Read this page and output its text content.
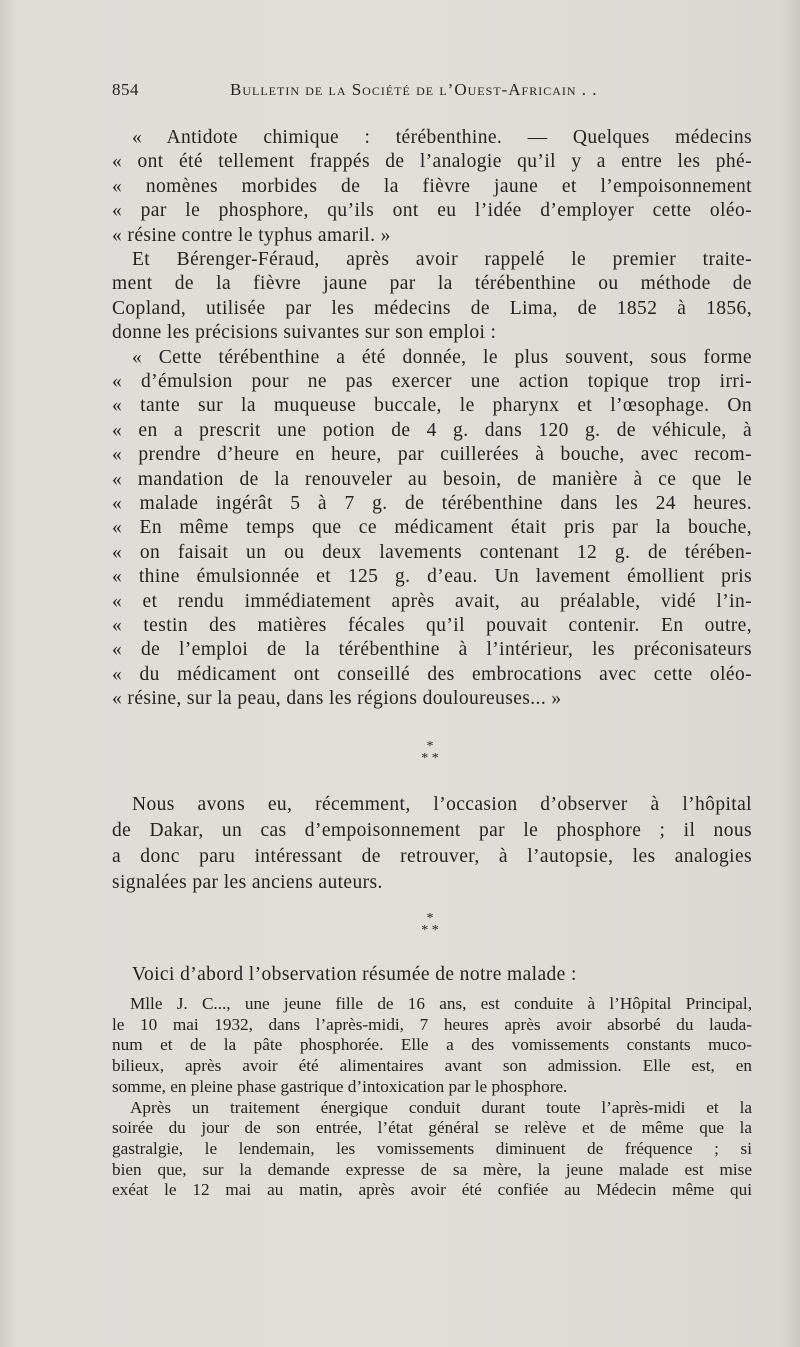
854	Bulletin de la Société de l’Ouest-Africain . .
« Antidote chimique : térébenthine. — Quelques médecins
« ont été tellement frappés de l’analogie qu’il y a entre les phé-
« nomènes morbides de la fièvre jaune et l’empoisonnement
« par le phosphore, qu’ils ont eu l’idée d’employer cette oléo-
« résine contre le typhus amaril. »
Et Bérenger-Féraud, après avoir rappelé le premier traite-
ment de la fièvre jaune par la térébenthine ou méthode de
Copland, utilisée par les médecins de Lima, de 1852 à 1856,
donne les précisions suivantes sur son emploi :
« Cette térébenthine a été donnée, le plus souvent, sous forme
« d’émulsion pour ne pas exercer une action topique trop irri-
« tante sur la muqueuse buccale, le pharynx et l’œsophage. On
« en a prescrit une potion de 4 g. dans 120 g. de véhicule, à
« prendre d’heure en heure, par cuillerées à bouche, avec recom-
« mandation de la renouveler au besoin, de manière à ce que le
« malade ingérât 5 à 7 g. de térébenthine dans les 24 heures.
« En même temps que ce médicament était pris par la bouche,
« on faisait un ou deux lavements contenant 12 g. de térében-
« thine émulsionnée et 125 g. d’eau. Un lavement émollient pris
« et rendu immédiatement après avait, au préalable, vidé l’in-
« testin des matières fécales qu’il pouvait contenir. En outre,
« de l’emploi de la térébenthine à l’intérieur, les préconisateurs
« du médicament ont conseillé des embrocations avec cette oléo-
« résine, sur la peau, dans les régions douloureuses... »
*
* *
Nous avons eu, récemment, l’occasion d’observer à l’hôpital
de Dakar, un cas d’empoisonnement par le phosphore ; il nous
a donc paru intéressant de retrouver, à l’autopsie, les analogies
signalées par les anciens auteurs.
*
* *
Voici d’abord l’observation résumée de notre malade :
Mlle J. C..., une jeune fille de 16 ans, est conduite à l’Hôpital Principal,
le 10 mai 1932, dans l’après-midi, 7 heures après avoir absorbé du lauda-
num et de la pâte phosphorée. Elle a des vomissements constants muco-
bilieux, après avoir été alimentaires avant son admission. Elle est, en
somme, en pleine phase gastrique d’intoxication par le phosphore.
Après un traitement énergique conduit durant toute l’après-midi et la
soirée du jour de son entrée, l’état général se relève et de même que la
gastralgie, le lendemain, les vomissements diminuent de fréquence ; si
bien que, sur la demande expresse de sa mère, la jeune malade est mise
exéat le 12 mai au matin, après avoir été confiée au Médecin même qui
